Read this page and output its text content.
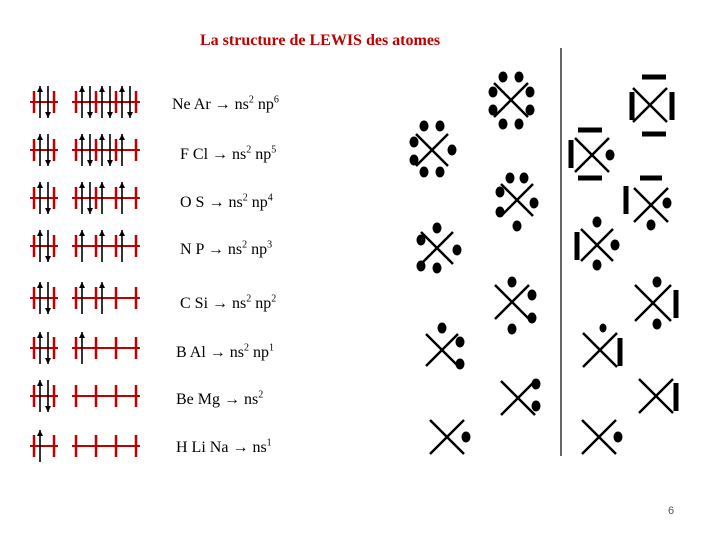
La structure de LEWIS des atomes
Ne $Ar \to ns^2$ $np^6$
F $Cl \to ns^2$ $np^5$
O $S \to ns^2$ $np^4$
N $P \to ns^2$ $np^3$
C $Si \to ns^2$ $np^2$
B $Al \to ns^2$ $np^1$
Be $Mg \to ns^2$
H Li $Na \to ns^1$
6
